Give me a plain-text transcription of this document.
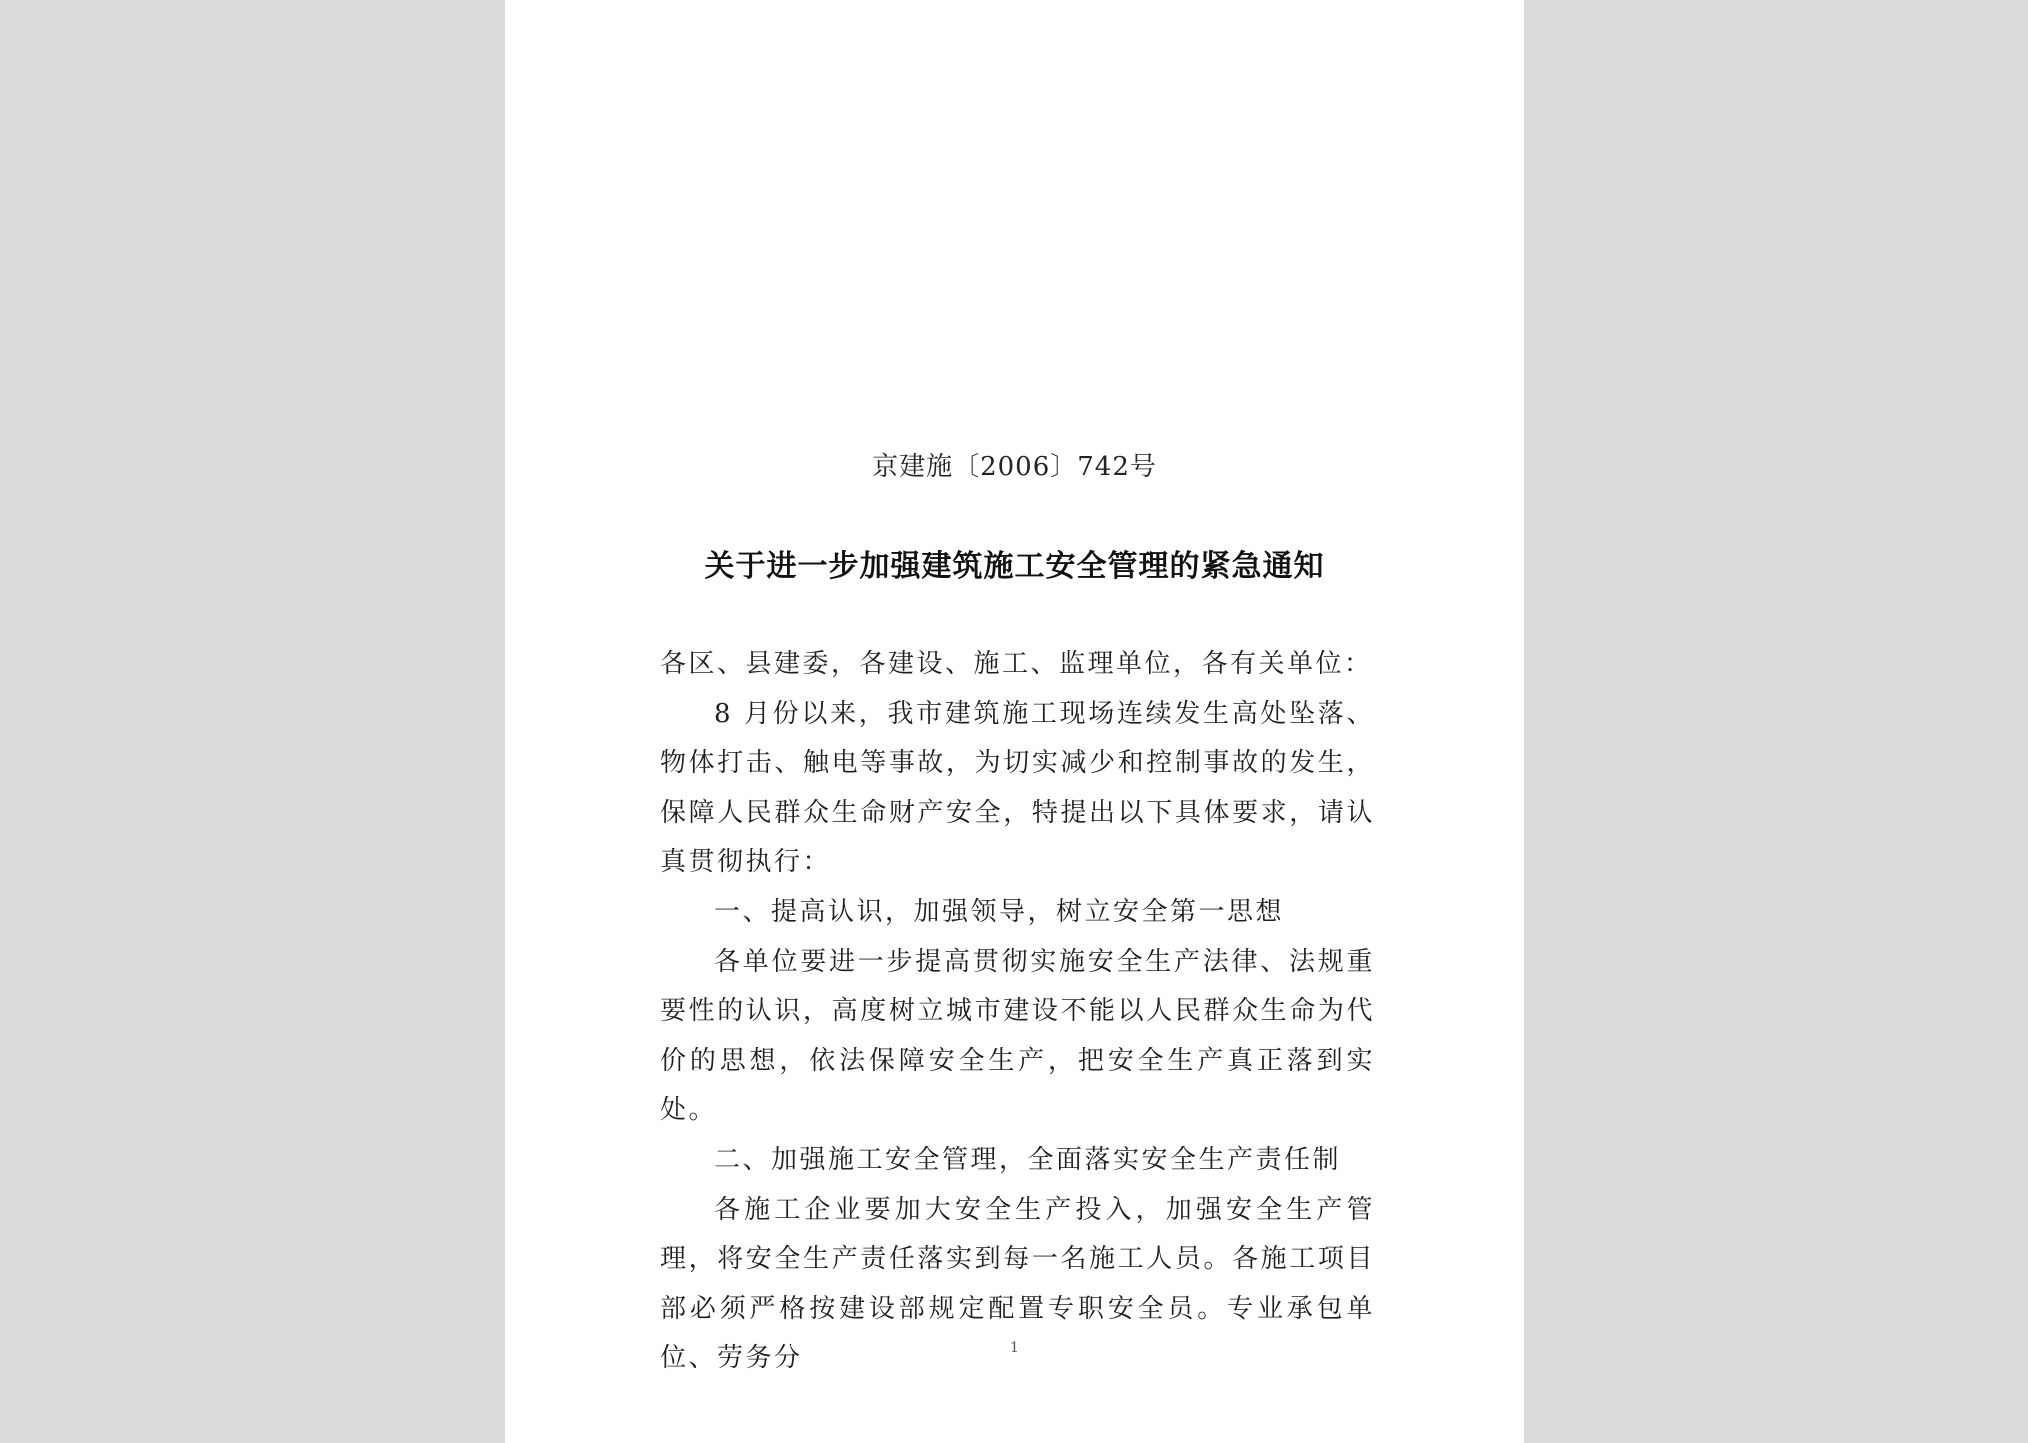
京建施〔2006〕742号
关于进一步加强建筑施工安全管理的紧急通知

各区、县建委，各建设、施工、监理单位，各有关单位：

8 月份以来，我市建筑施工现场连续发生高处坠落、物体打击、触电等事故，为切实减少和控制事故的发生，保障人民群众生命财产安全，特提出以下具体要求，请认真贯彻执行：

一、提高认识，加强领导，树立安全第一思想

各单位要进一步提高贯彻实施安全生产法律、法规重要性的认识，高度树立城市建设不能以人民群众生命为代价的思想，依法保障安全生产，把安全生产真正落到实处。

二、加强施工安全管理，全面落实安全生产责任制

各施工企业要加大安全生产投入，加强安全生产管理，将安全生产责任落实到每一名施工人员。各施工项目部必须严格按建设部规定配置专职安全员。专业承包单位、劳务分	1
